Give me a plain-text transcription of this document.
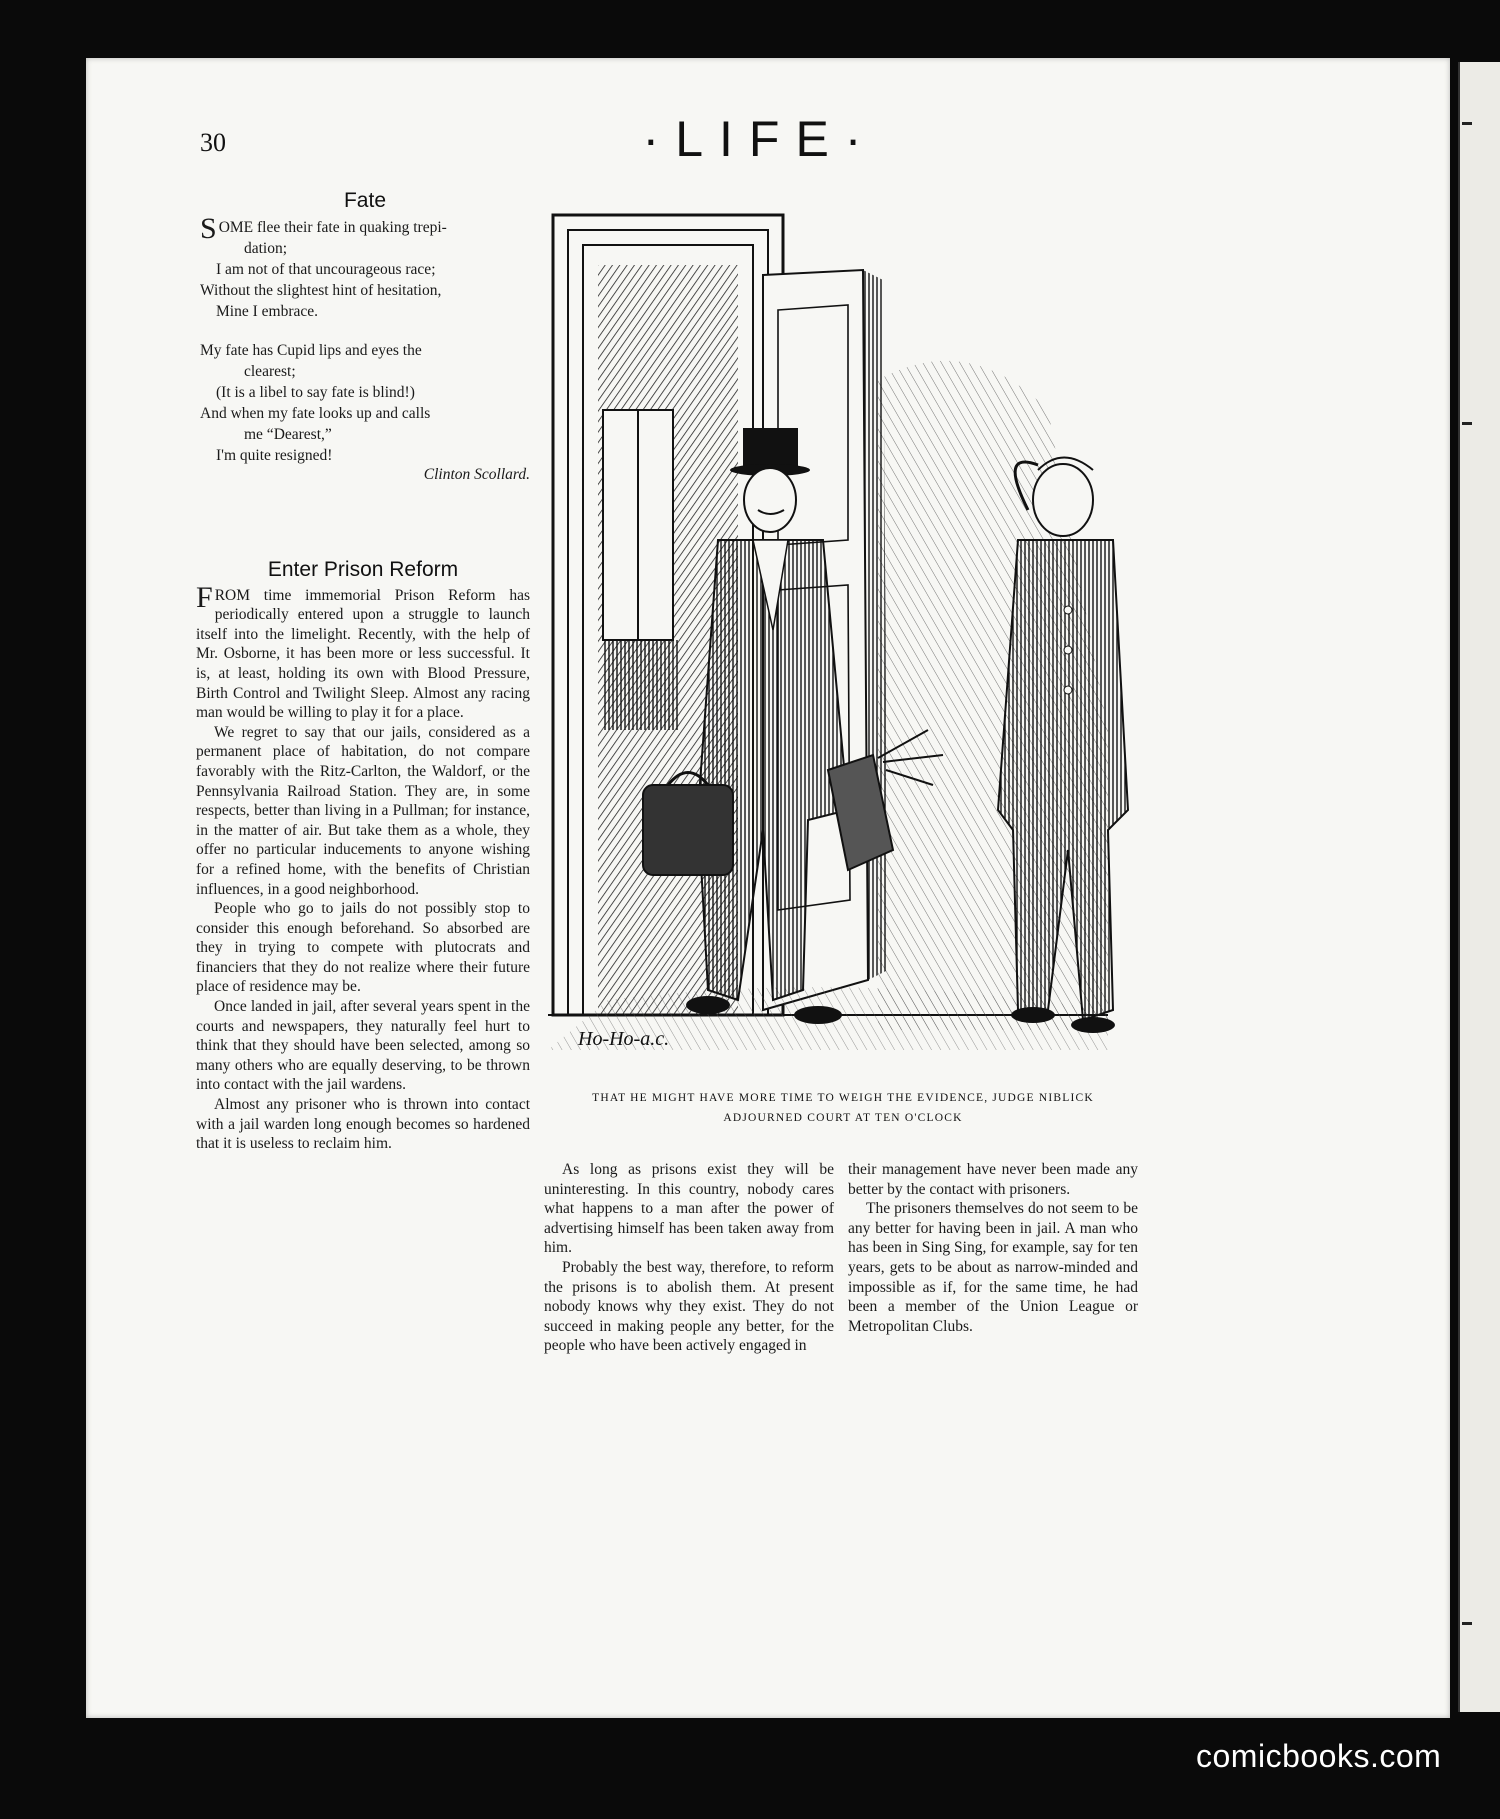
30	·LIFE·
Fate
SOME flee their fate in quaking trepi-
dation;
I am not of that uncourageous race;
Without the slightest hint of hesitation,
Mine I embrace.
My fate has Cupid lips and eyes the
clearest;
(It is a libel to say fate is blind!)
And when my fate looks up and calls
me “Dearest,”
I'm quite resigned!
Clinton Scollard.
Enter Prison Reform

FROM time immemorial Prison Reform has periodically entered upon a struggle to launch itself into the limelight. Recently, with the help of Mr. Osborne, it has been more or less successful. It is, at least, holding its own with Blood Pressure, Birth Control and Twilight Sleep. Almost any racing man would be willing to play it for a place.

We regret to say that our jails, considered as a permanent place of habitation, do not compare favorably with the Ritz-Carlton, the Waldorf, or the Pennsylvania Railroad Station. They are, in some respects, better than living in a Pullman; for instance, in the matter of air. But take them as a whole, they offer no particular inducements to anyone wishing for a refined home, with the benefits of Christian influences, in a good neighborhood.

People who go to jails do not possibly stop to consider this enough beforehand. So absorbed are they in trying to compete with plutocrats and financiers that they do not realize where their future place of residence may be.

Once landed in jail, after several years spent in the courts and newspapers, they naturally feel hurt to think that they should have been selected, among so many others who are equally deserving, to be thrown into contact with the jail wardens.

Almost any prisoner who is thrown into contact with a jail warden long enough becomes so hardened that it is useless to reclaim him.

Ho-Ho-a.c.
THAT HE MIGHT HAVE MORE TIME TO WEIGH THE EVIDENCE, JUDGE NIBLICK
ADJOURNED COURT AT TEN O'CLOCK

As long as prisons exist they will be uninteresting. In this country, nobody cares what happens to a man after the power of advertising himself has been taken away from him.

Probably the best way, therefore, to reform the prisons is to abolish them. At present nobody knows why they exist. They do not succeed in making people any better, for the people who have been actively engaged in

their management have never been made any better by the contact with prisoners.

The prisoners themselves do not seem to be any better for having been in jail. A man who has been in Sing Sing, for example, say for ten years, gets to be about as narrow-minded and impossible as if, for the same time, he had been a member of the Union League or Metropolitan Clubs.

comicbooks.com
